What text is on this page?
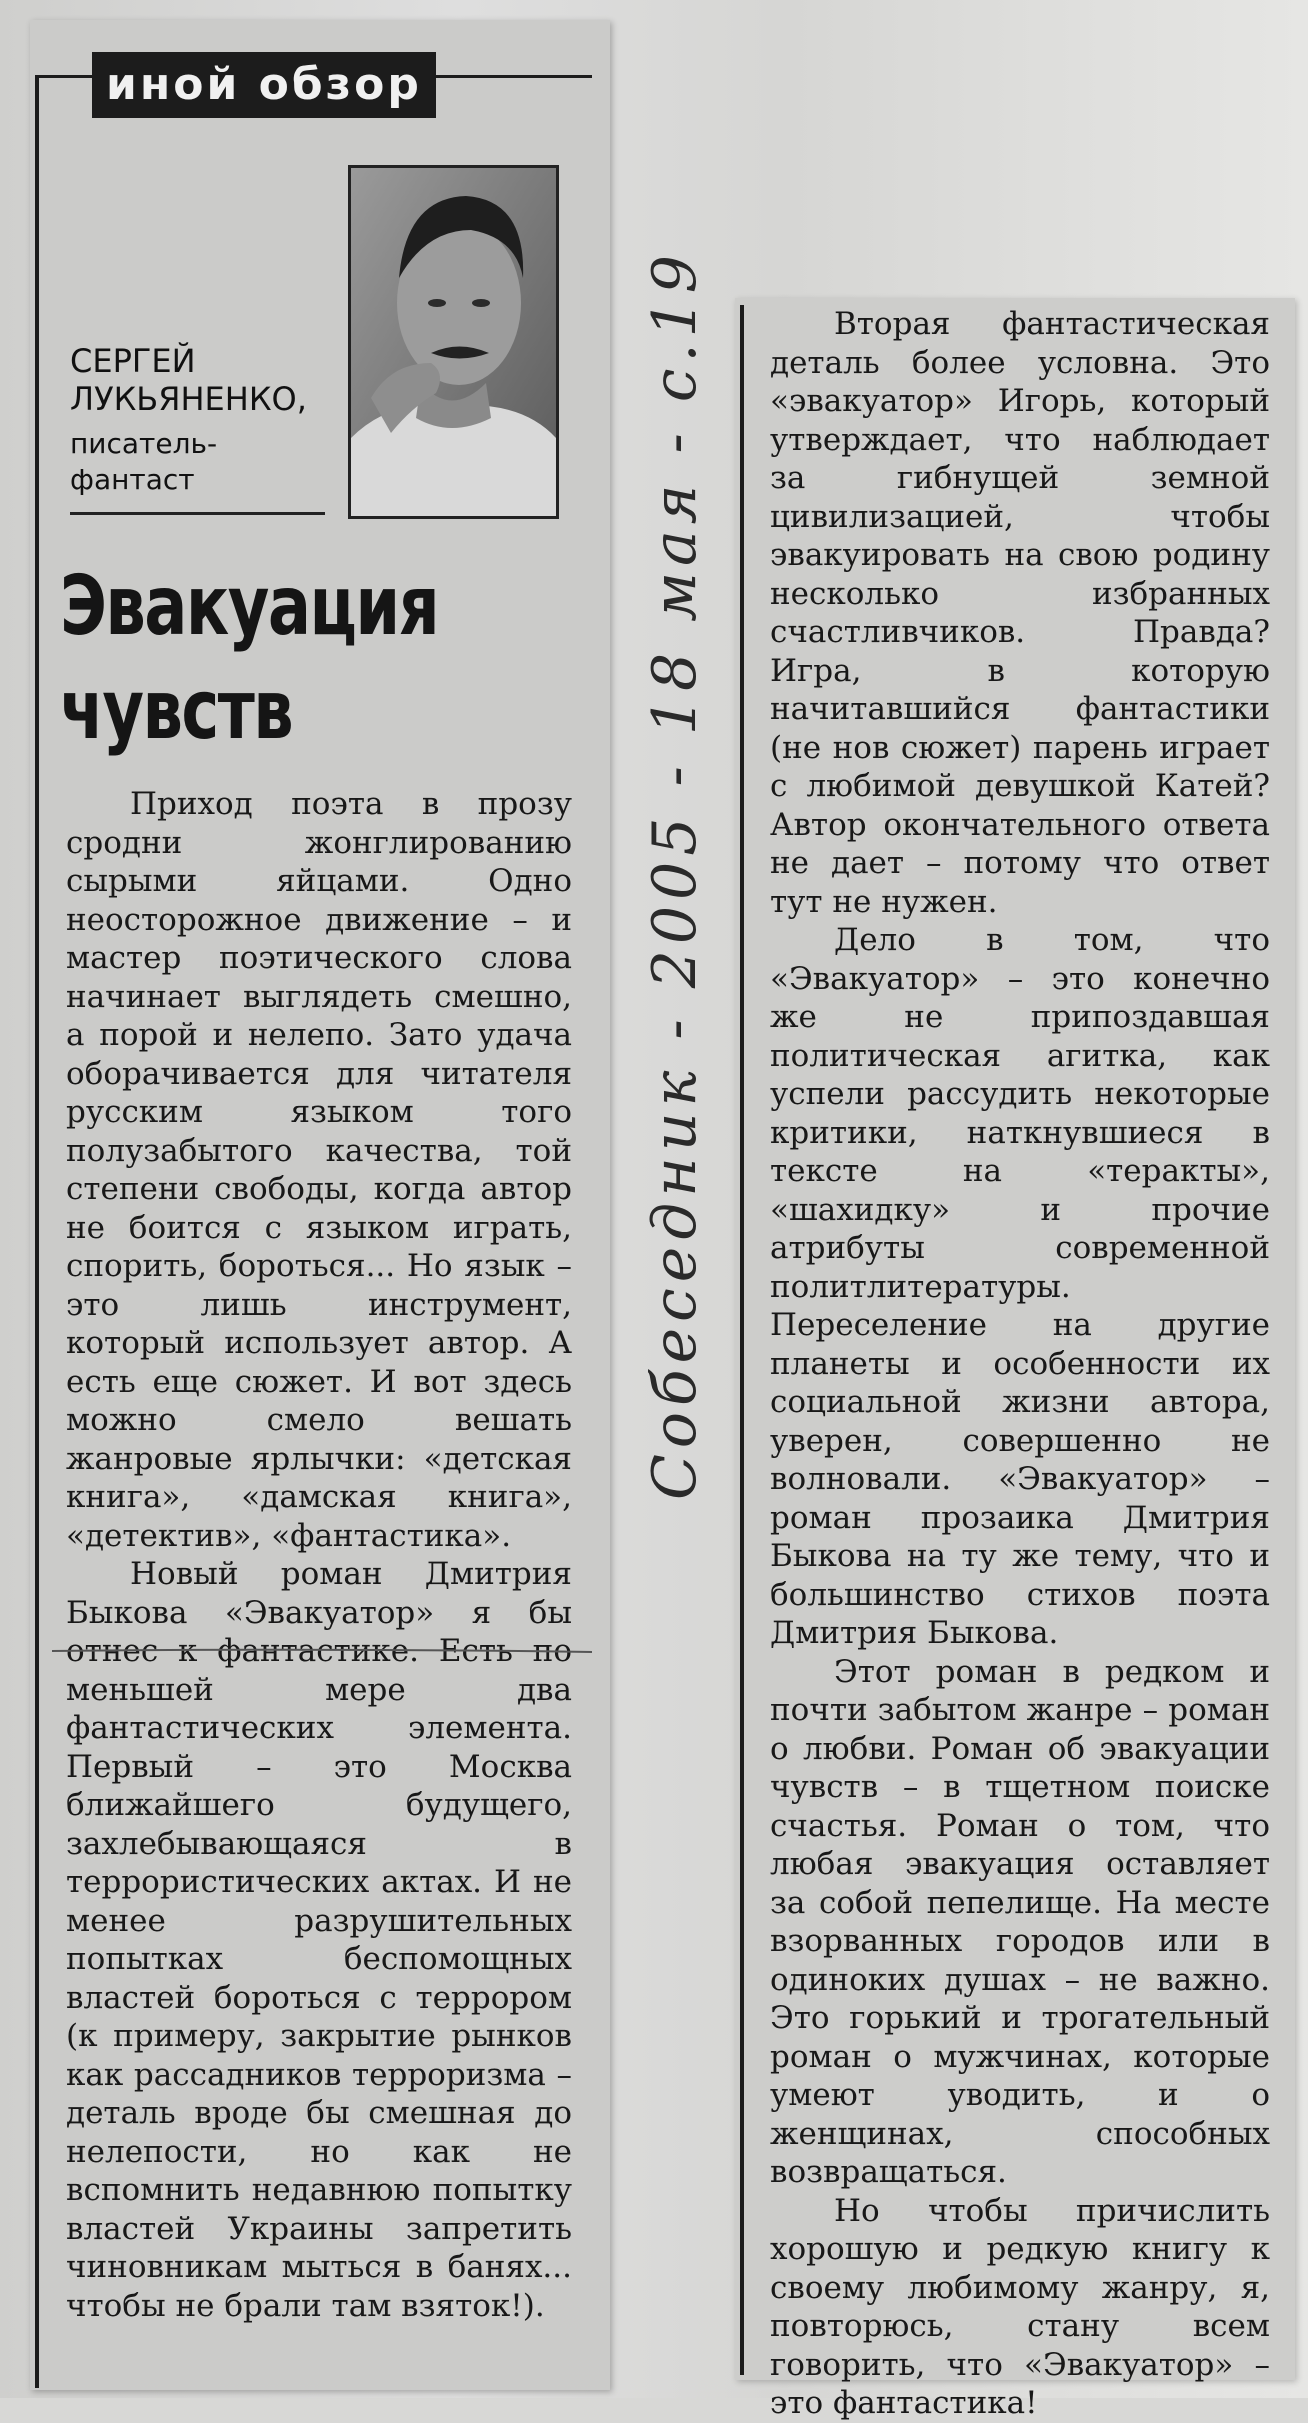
иной обзор
СЕРГЕЙ
ЛУКЬЯНЕНКО,
писатель-
фантаст
Эвакуация
чувств

Приход поэта в прозу сродни жонглированию сырыми яйцами. Одно неосторожное движение – и мастер поэтического слова начинает выглядеть смешно, а порой и нелепо. Зато удача оборачивается для читателя русским языком того полузабытого качества, той степени свободы, когда автор не боится с языком играть, спорить, бороться... Но язык – это лишь инструмент, который использует автор. А есть еще сюжет. И вот здесь можно смело вешать жанровые ярлычки: «детская книга», «дамская книга», «детектив», «фантастика».

Новый роман Дмитрия Быкова «Эвакуатор» я бы отнес к фантастике. Есть по меньшей мере два фантастических элемента. Первый – это Москва ближайшего будущего, захлебывающаяся в террористических актах. И не менее разрушительных попытках беспомощных властей бороться с террором (к примеру, закрытие рынков как рассадников терроризма – деталь вроде бы смешная до нелепости, но как не вспомнить недавнюю попытку властей Украины запретить чиновникам мыться в банях... чтобы не брали там взяток!).

Собеседник - 2005 - 18 мая - с.19	Вторая фантастическая деталь более условна. Это «эвакуатор» Игорь, который утверждает, что наблюдает за гибнущей земной цивилизацией, чтобы эвакуировать на свою родину несколько избранных счастливчиков. Правда? Игра, в которую начитавшийся фантастики (не нов сюжет) парень играет с любимой девушкой Катей? Автор окончательного ответа не дает – потому что ответ тут не нужен.

Дело в том, что «Эвакуатор» – это конечно же не припоздавшая политическая агитка, как успели рассудить некоторые критики, наткнувшиеся в тексте на «теракты», «шахидку» и прочие атрибуты современной политлитературы. Переселение на другие планеты и особенности их социальной жизни автора, уверен, совершенно не волновали. «Эвакуатор» – роман прозаика Дмитрия Быкова на ту же тему, что и большинство стихов поэта Дмитрия Быкова.

Этот роман в редком и почти забытом жанре – роман о любви. Роман об эвакуации чувств – в тщетном поиске счастья. Роман о том, что любая эвакуация оставляет за собой пепелище. На месте взорванных городов или в одиноких душах – не важно. Это горький и трогательный роман о мужчинах, которые умеют уводить, и о женщинах, способных возвращаться.

Но чтобы причислить хорошую и редкую книгу к своему любимому жанру, я, повторюсь, стану всем говорить, что «Эвакуатор» – это фантастика!
